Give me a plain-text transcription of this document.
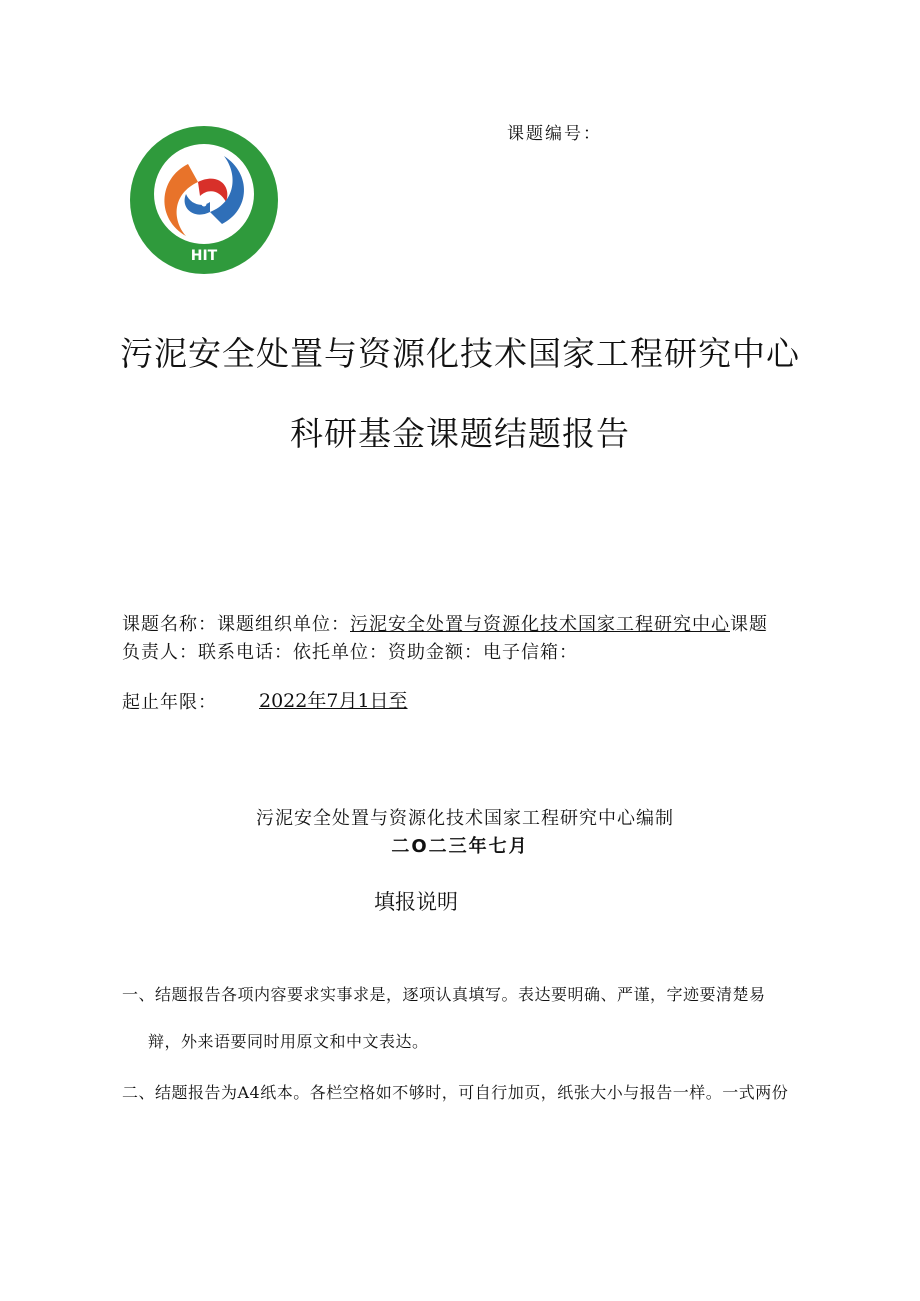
HIT
课题编号：
污泥安全处置与资源化技术国家工程研究中心
科研基金课题结题报告
课题名称：课题组织单位：污泥安全处置与资源化技术国家工程研究中心课题
负责人：联系电话：依托单位：资助金额：电子信箱：
起止年限： 2022年7月1日至
污泥安全处置与资源化技术国家工程研究中心编制
二O二三年七月
填报说明
一、结题报告各项内容要求实事求是，逐项认真填写。表达要明确、严谨，字迹要清楚易
辩，外来语要同时用原文和中文表达。
二、结题报告为A4纸本。各栏空格如不够时，可自行加页，纸张大小与报告一样。一式两份
